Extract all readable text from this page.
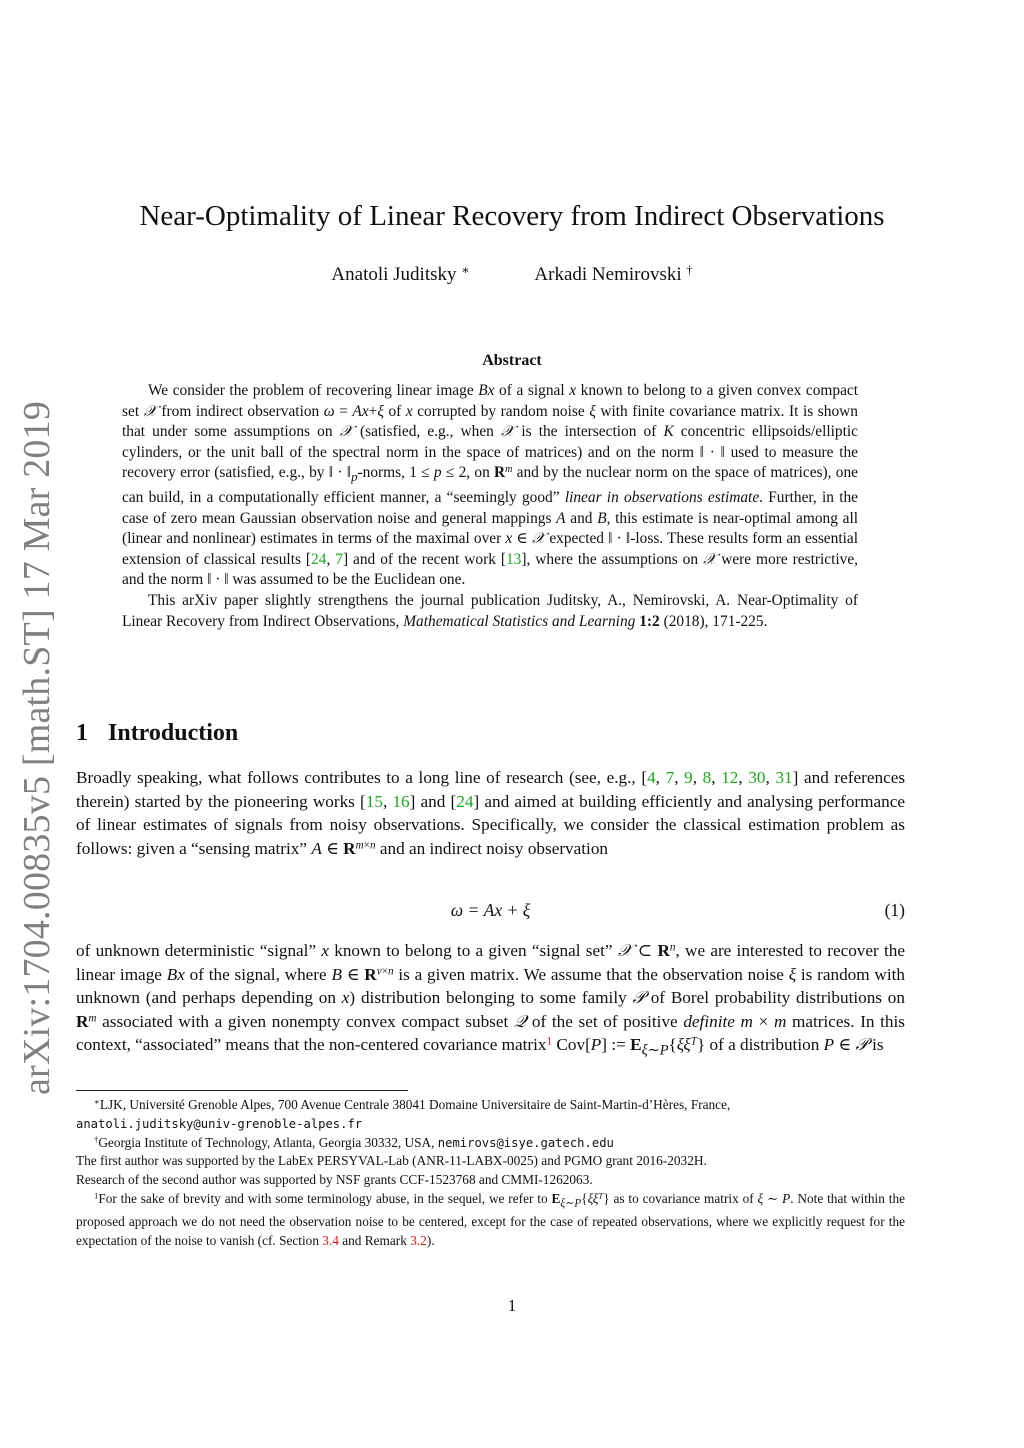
arXiv:1704.00835v5 [math.ST] 17 Mar 2019
Near-Optimality of Linear Recovery from Indirect Observations
Anatoli Juditsky ∗	Arkadi Nemirovski †
Abstract

We consider the problem of recovering linear image Bx of a signal x known to belong to a given convex compact set 𝒳 from indirect observation ω = Ax+ξ of x corrupted by random noise ξ with finite covariance matrix. It is shown that under some assumptions on 𝒳 (satisfied, e.g., when 𝒳 is the intersection of K concentric ellipsoids/elliptic cylinders, or the unit ball of the spectral norm in the space of matrices) and on the norm ‖ · ‖ used to measure the recovery error (satisfied, e.g., by ‖ · $‖_p$-norms, 1 ≤ p ≤ 2, on $R^m$ and by the nuclear norm on the space of matrices), one can build, in a computationally efficient manner, a “seemingly good” linear in observations estimate. Further, in the case of zero mean Gaussian observation noise and general mappings A and B, this estimate is near-optimal among all (linear and nonlinear) estimates in terms of the maximal over x ∈ 𝒳 expected ‖ · ‖-loss. These results form an essential extension of classical results [24, 7] and of the recent work [13], where the assumptions on 𝒳 were more restrictive, and the norm ‖ · ‖ was assumed to be the Euclidean one.

This arXiv paper slightly strengthens the journal publication Juditsky, A., Nemirovski, A. Near-Optimality of Linear Recovery from Indirect Observations, Mathematical Statistics and Learning 1:2 (2018), 171-225.

1 Introduction

Broadly speaking, what follows contributes to a long line of research (see, e.g., [4, 7, 9, 8, 12, 30, 31] and references therein) started by the pioneering works [15, 16] and [24] and aimed at building efficiently and analysing performance of linear estimates of signals from noisy observations. Specifically, we consider the classical estimation problem as follows: given a “sensing matrix” A ∈ $R^{m\times n}$ and an indirect noisy observation

ω = Ax + ξ	(1)

of unknown deterministic “signal” x known to belong to a given “signal set” 𝒳 ⊂ $R^n$, we are interested to recover the linear image Bx of the signal, where B ∈ $R^{\nu\times n}$ is a given matrix. We assume that the observation noise ξ is random with unknown (and perhaps depending on x) distribution belonging to some family 𝒫 of Borel probability distributions on $R^m$ associated with a given nonempty convex compact subset 𝒬 of the set of positive definite m × m matrices. In this context, “associated” means that the non-centered covariance matrix$^1$ Cov[P] := $E_{\xi\sim P}\{\xi\xi^T\}$ of a distribution P ∈ 𝒫 is

∗LJK, Université Grenoble Alpes, 700 Avenue Centrale 38041 Domaine Universitaire de Saint-Martin-d’Hères, France,

anatoli.juditsky@univ-grenoble-alpes.fr

†Georgia Institute of Technology, Atlanta, Georgia 30332, USA, nemirovs@isye.gatech.edu

The first author was supported by the LabEx PERSYVAL-Lab (ANR-11-LABX-0025) and PGMO grant 2016-2032H.

Research of the second author was supported by NSF grants CCF-1523768 and CMMI-1262063.

$^1$For the sake of brevity and with some terminology abuse, in the sequel, we refer to $E_{\xi\sim P}\{\xi\xi^T\}$ as to covariance matrix of ξ ∼ P. Note that within the proposed approach we do not need the observation noise to be centered, except for the case of repeated observations, where we explicitly request for the expectation of the noise to vanish (cf. Section 3.4 and Remark 3.2).

1
